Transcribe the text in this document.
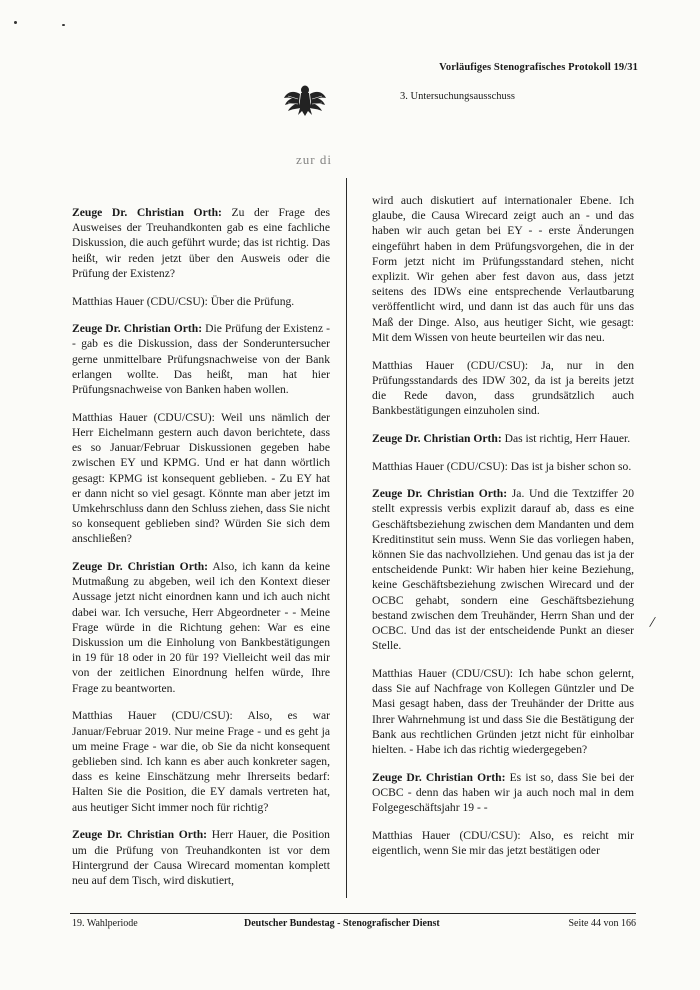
Vorläufiges Stenografisches Protokoll 19/31
3. Untersuchungsausschuss
zur di

Zeuge Dr. Christian Orth: Zu der Frage des Ausweises der Treuhandkonten gab es eine fachliche Diskussion, die auch geführt wurde; das ist richtig. Das heißt, wir reden jetzt über den Ausweis oder die Prüfung der Existenz?

Matthias Hauer (CDU/CSU): Über die Prüfung.

Zeuge Dr. Christian Orth: Die Prüfung der Existenz - - gab es die Diskussion, dass der Sonderuntersucher gerne unmittelbare Prüfungsnachweise von der Bank erlangen wollte. Das heißt, man hat hier Prüfungsnachweise von Banken haben wollen.

Matthias Hauer (CDU/CSU): Weil uns nämlich der Herr Eichelmann gestern auch davon berichtete, dass es so Januar/Februar Diskussionen gegeben habe zwischen EY und KPMG. Und er hat dann wörtlich gesagt: KPMG ist konsequent geblieben. - Zu EY hat er dann nicht so viel gesagt. Könnte man aber jetzt im Umkehrschluss dann den Schluss ziehen, dass Sie nicht so konsequent geblieben sind? Würden Sie sich dem anschließen?

Zeuge Dr. Christian Orth: Also, ich kann da keine Mutmaßung zu abgeben, weil ich den Kontext dieser Aussage jetzt nicht einordnen kann und ich auch nicht dabei war. Ich versuche, Herr Abgeordneter - - Meine Frage würde in die Richtung gehen: War es eine Diskussion um die Einholung von Bankbestätigungen in 19 für 18 oder in 20 für 19? Vielleicht weil das mir von der zeitlichen Einordnung helfen würde, Ihre Frage zu beantworten.

Matthias Hauer (CDU/CSU): Also, es war Januar/Februar 2019. Nur meine Frage - und es geht ja um meine Frage - war die, ob Sie da nicht konsequent geblieben sind. Ich kann es aber auch konkreter sagen, dass es keine Einschätzung mehr Ihrerseits bedarf: Halten Sie die Position, die EY damals vertreten hat, aus heutiger Sicht immer noch für richtig?

Zeuge Dr. Christian Orth: Herr Hauer, die Position um die Prüfung von Treuhandkonten ist vor dem Hintergrund der Causa Wirecard momentan komplett neu auf dem Tisch, wird diskutiert,

wird auch diskutiert auf internationaler Ebene. Ich glaube, die Causa Wirecard zeigt auch an - und das haben wir auch getan bei EY - - erste Änderungen eingeführt haben in dem Prüfungsvorgehen, die in der Form jetzt nicht im Prüfungsstandard stehen, nicht explizit. Wir gehen aber fest davon aus, dass jetzt seitens des IDWs eine entsprechende Verlautbarung veröffentlicht wird, und dann ist das auch für uns das Maß der Dinge. Also, aus heutiger Sicht, wie gesagt: Mit dem Wissen von heute beurteilen wir das neu.

Matthias Hauer (CDU/CSU): Ja, nur in den Prüfungsstandards des IDW 302, da ist ja bereits jetzt die Rede davon, dass grundsätzlich auch Bankbestätigungen einzuholen sind.

Zeuge Dr. Christian Orth: Das ist richtig, Herr Hauer.

Matthias Hauer (CDU/CSU): Das ist ja bisher schon so.

Zeuge Dr. Christian Orth: Ja. Und die Textziffer 20 stellt expressis verbis explizit darauf ab, dass es eine Geschäftsbeziehung zwischen dem Mandanten und dem Kreditinstitut sein muss. Wenn Sie das vorliegen haben, können Sie das nachvollziehen. Und genau das ist ja der entscheidende Punkt: Wir haben hier keine Beziehung, keine Geschäftsbeziehung zwischen Wirecard und der OCBC gehabt, sondern eine Geschäftsbeziehung bestand zwischen dem Treuhänder, Herrn Shan und der OCBC. Und das ist der entscheidende Punkt an dieser Stelle.

Matthias Hauer (CDU/CSU): Ich habe schon gelernt, dass Sie auf Nachfrage von Kollegen Güntzler und De Masi gesagt haben, dass der Treuhänder der Dritte aus Ihrer Wahrnehmung ist und dass Sie die Bestätigung der Bank aus rechtlichen Gründen jetzt nicht für einholbar hielten. - Habe ich das richtig wiedergegeben?

Zeuge Dr. Christian Orth: Es ist so, dass Sie bei der OCBC - denn das haben wir ja auch noch mal in dem Folgegeschäftsjahr 19 - -

Matthias Hauer (CDU/CSU): Also, es reicht mir eigentlich, wenn Sie mir das jetzt bestätigen oder

/
19. Wahlperiode	Deutscher Bundestag - Stenografischer Dienst	Seite 44 von 166
